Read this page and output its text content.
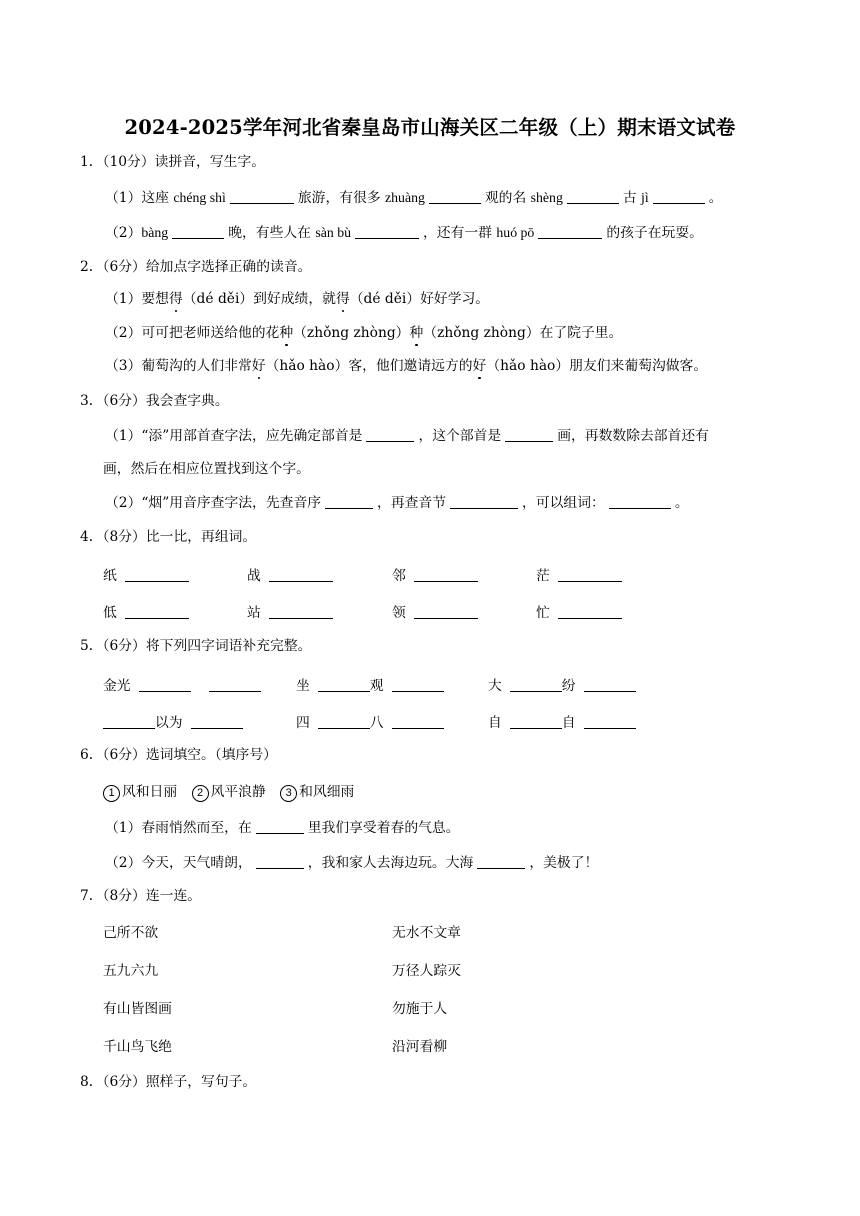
2024-2025学年河北省秦皇岛市山海关区二年级（上）期末语文试卷
1．（10分）读拼音，写生字。
（1）这座 chéng shì	旅游，有很多 zhuàng	观的名 shèng	古 jì	。
（2）bàng	晚，有些人在 sàn bù	，还有一群 huó pō	的孩子在玩耍。
2．（6分）给加点字选择正确的读音。
（1）要想得（dé děi）到好成绩，就得（dé děi）好好学习。
（2）可可把老师送给他的花种（zhǒng zhòng）种（zhǒng zhòng）在了院子里。
（3）葡萄沟的人们非常好（hǎo hào）客，他们邀请远方的好（hǎo hào）朋友们来葡萄沟做客。
3．（6分）我会查字典。
（1）“添”用部首查字法，应先确定部首是	，这个部首是	画，再数数除去部首还有
画，然后在相应位置找到这个字。
（2）“烟”用音序查字法，先查音序	，再查音节	，可以组词：	。
4．（8分）比一比，再组词。
纸	战	邻	茫
低	站	领	忙
5．（6分）将下列四字词语补充完整。
金光	坐	观	大	纷
以为	四	八	自	自
6．（6分）选词填空。（填序号）
1 风和日丽 2 风平浪静 3 和风细雨
（1）春雨悄然而至，在	里我们享受着春的气息。
（2）今天，天气晴朗，	，我和家人去海边玩。大海	，美极了！
7．（8分）连一连。
己所不欲
五九六九
有山皆图画
千山鸟飞绝
无水不文章
万径人踪灭
勿施于人
沿河看柳
8．（6分）照样子，写句子。
